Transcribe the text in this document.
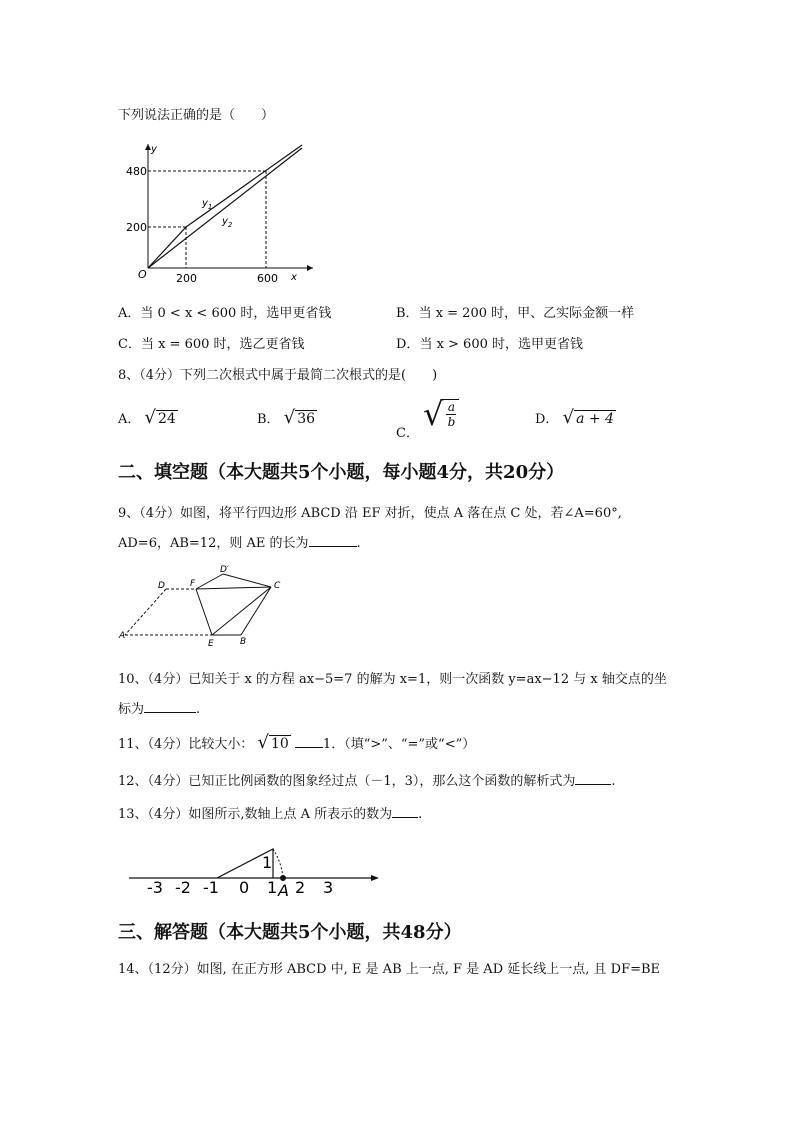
下列说法正确的是（　　）
y
x
O
480
200
200	600
$y_1$
$y_2$
A．当 0 < x < 600 时，选甲更省钱	B．当 x = 200 时，甲、乙实际金额一样
C．当 x = 600 时，选乙更省钱	D．当 x > 600 时，选甲更省钱
8、（4分）下列二次根式中属于最简二次根式的是(　　)
A． √ 24	B． √ 36
C．
√ a
b	D． √ a + 4
二、填空题（本大题共5个小题，每小题4分，共20分）
9、（4分）如图，将平行四边形 ABCD 沿 EF 对折，使点 A 落在点 C 处，若∠A=60°,
AD=6，AB=12，则 AE 的长为	.
D	F
D′
C
A
E	B
10、（4分）已知关于 x 的方程 ax−5=7 的解为 x=1，则一次函数 y=ax−12 与 x 轴交点的坐
标为	.
11、（4分）比较大小： √ 10	1．（填“>”、“=”或“<”）
12、（4分）已知正比例函数的图象经过点（－1，3），那么这个函数的解析式为	.
13、（4分）如图所示,数轴上点 A 所表示的数为 .
-3 -2 -1 0 1 2 3
1
A
三、解答题（本大题共5个小题，共48分）
14、（12分）如图, 在正方形 ABCD 中, E 是 AB 上一点, F 是 AD 延长线上一点, 且 DF=BE
